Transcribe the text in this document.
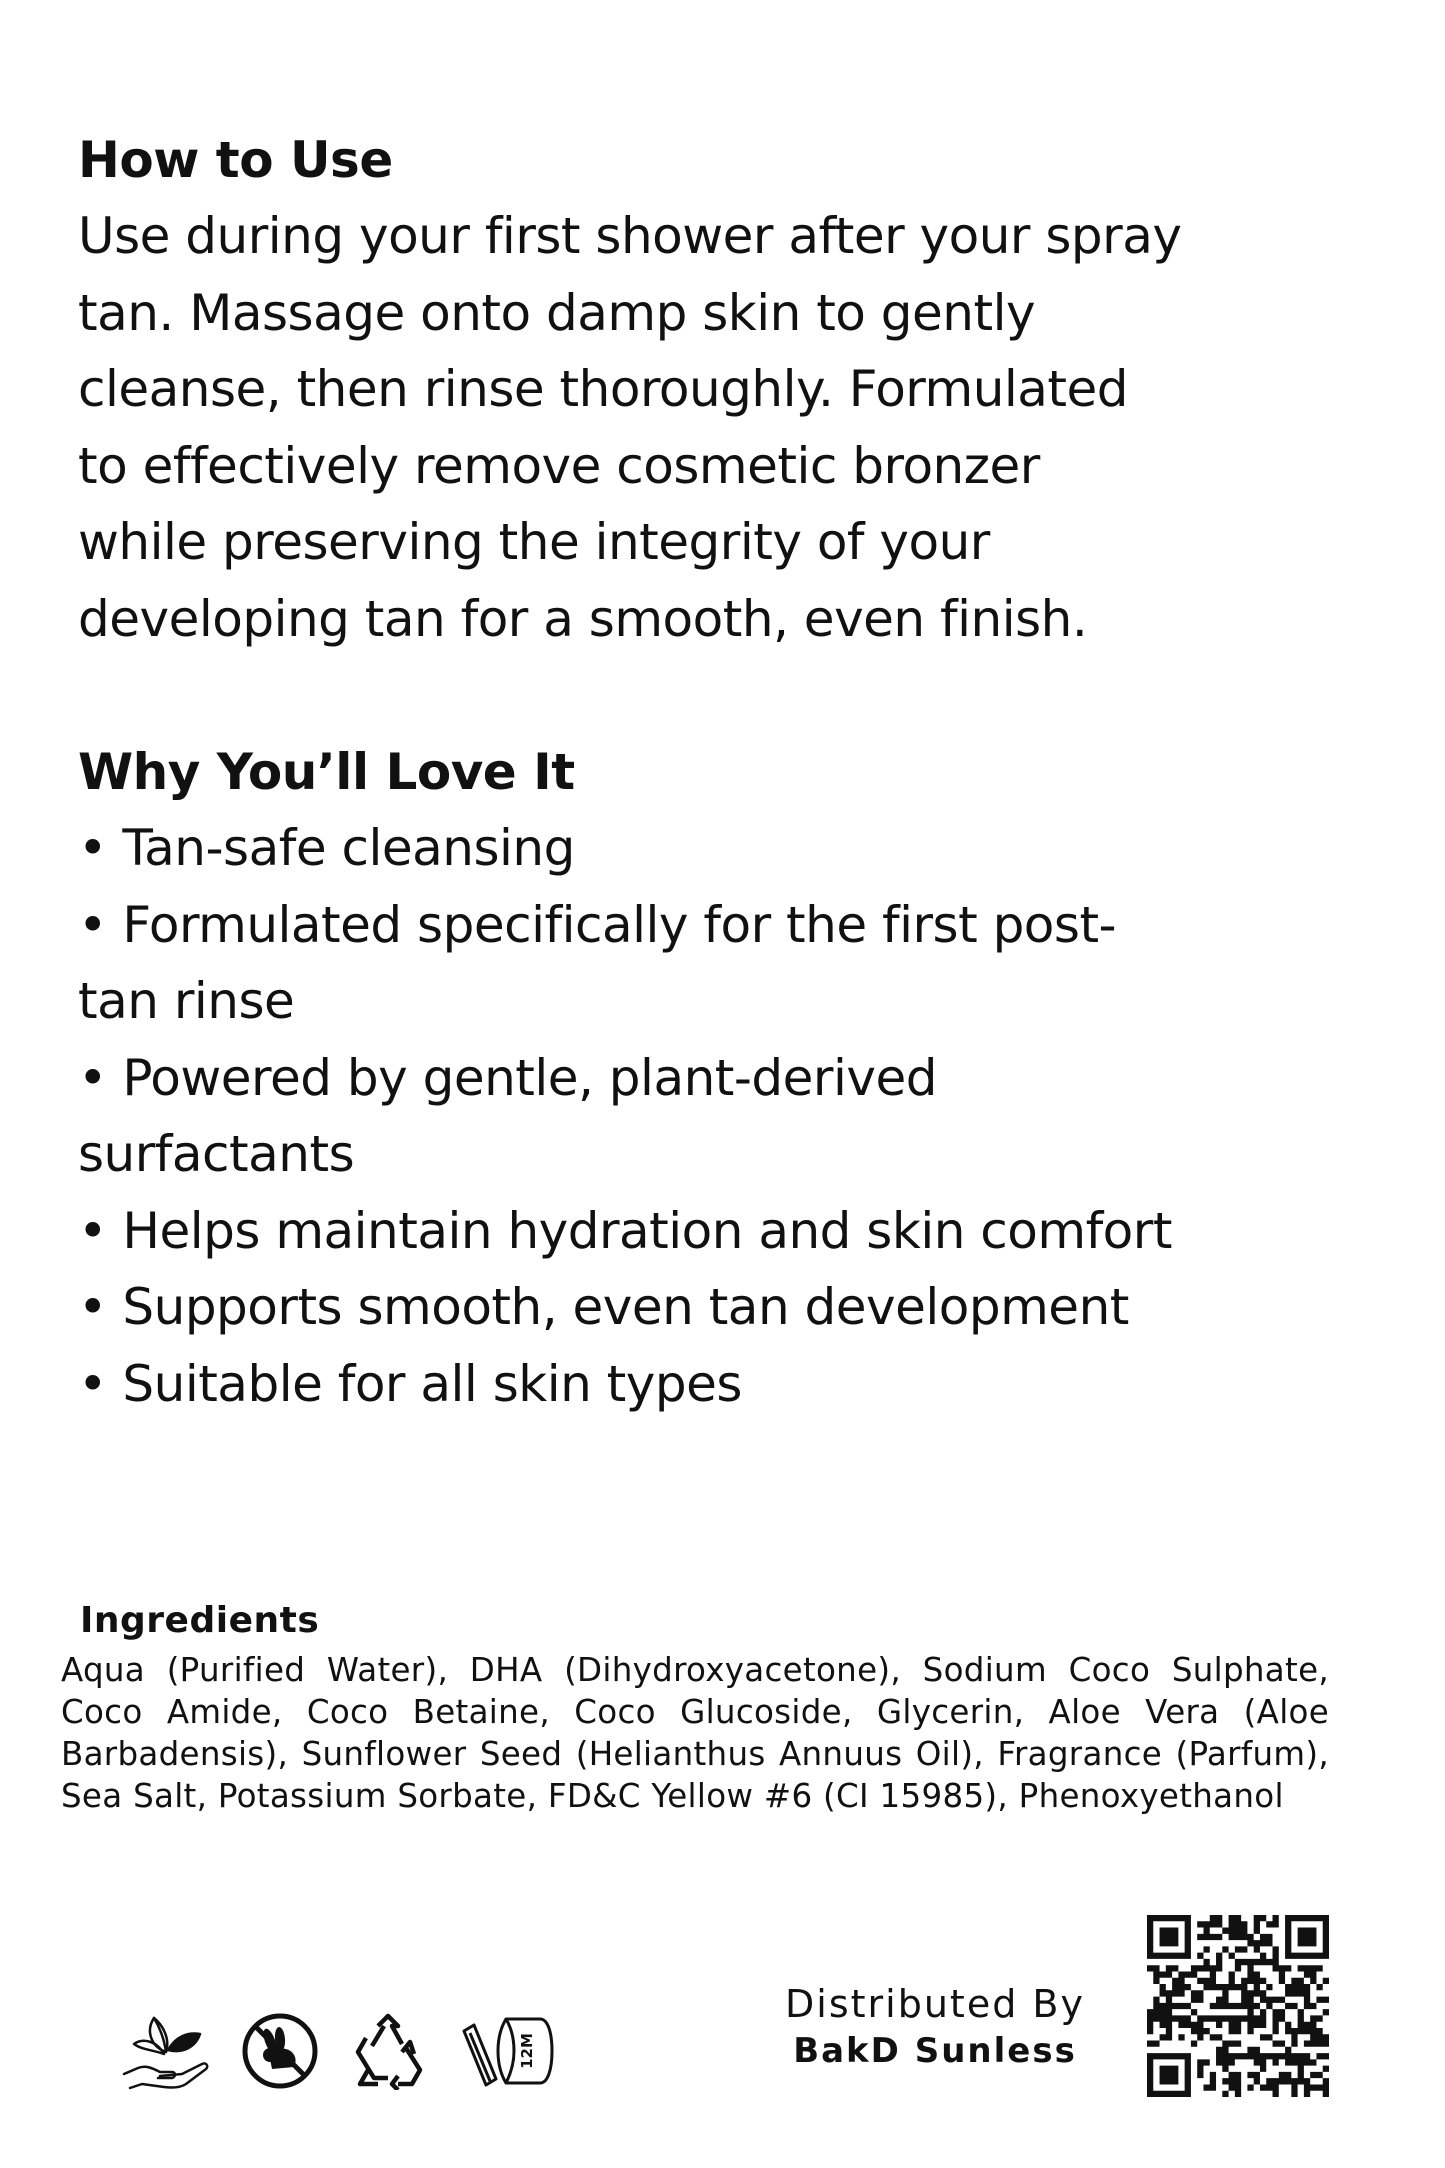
How to Use
Use during your first shower after your spray
tan. Massage onto damp skin to gently
cleanse, then rinse thoroughly. Formulated
to effectively remove cosmetic bronzer
while preserving the integrity of your
developing tan for a smooth, even finish.
Why You’ll Love It
• Tan-safe cleansing
• Formulated specifically for the first post-
tan rinse
• Powered by gentle, plant-derived
surfactants
• Helps maintain hydration and skin comfort
• Supports smooth, even tan development
• Suitable for all skin types
Ingredients

Aqua (Purified Water), DHA (Dihydroxyacetone), Sodium Coco Sulphate, Coco Amide, Coco Betaine, Coco Glucoside, Glycerin, Aloe Vera (Aloe Barbadensis), Sunflower Seed (Helianthus Annuus Oil), Fragrance (Parfum), Sea Salt, Potassium Sorbate, FD&C Yellow #6 (CI 15985), Phenoxyethanol

12M
Distributed By
BakD Sunless
